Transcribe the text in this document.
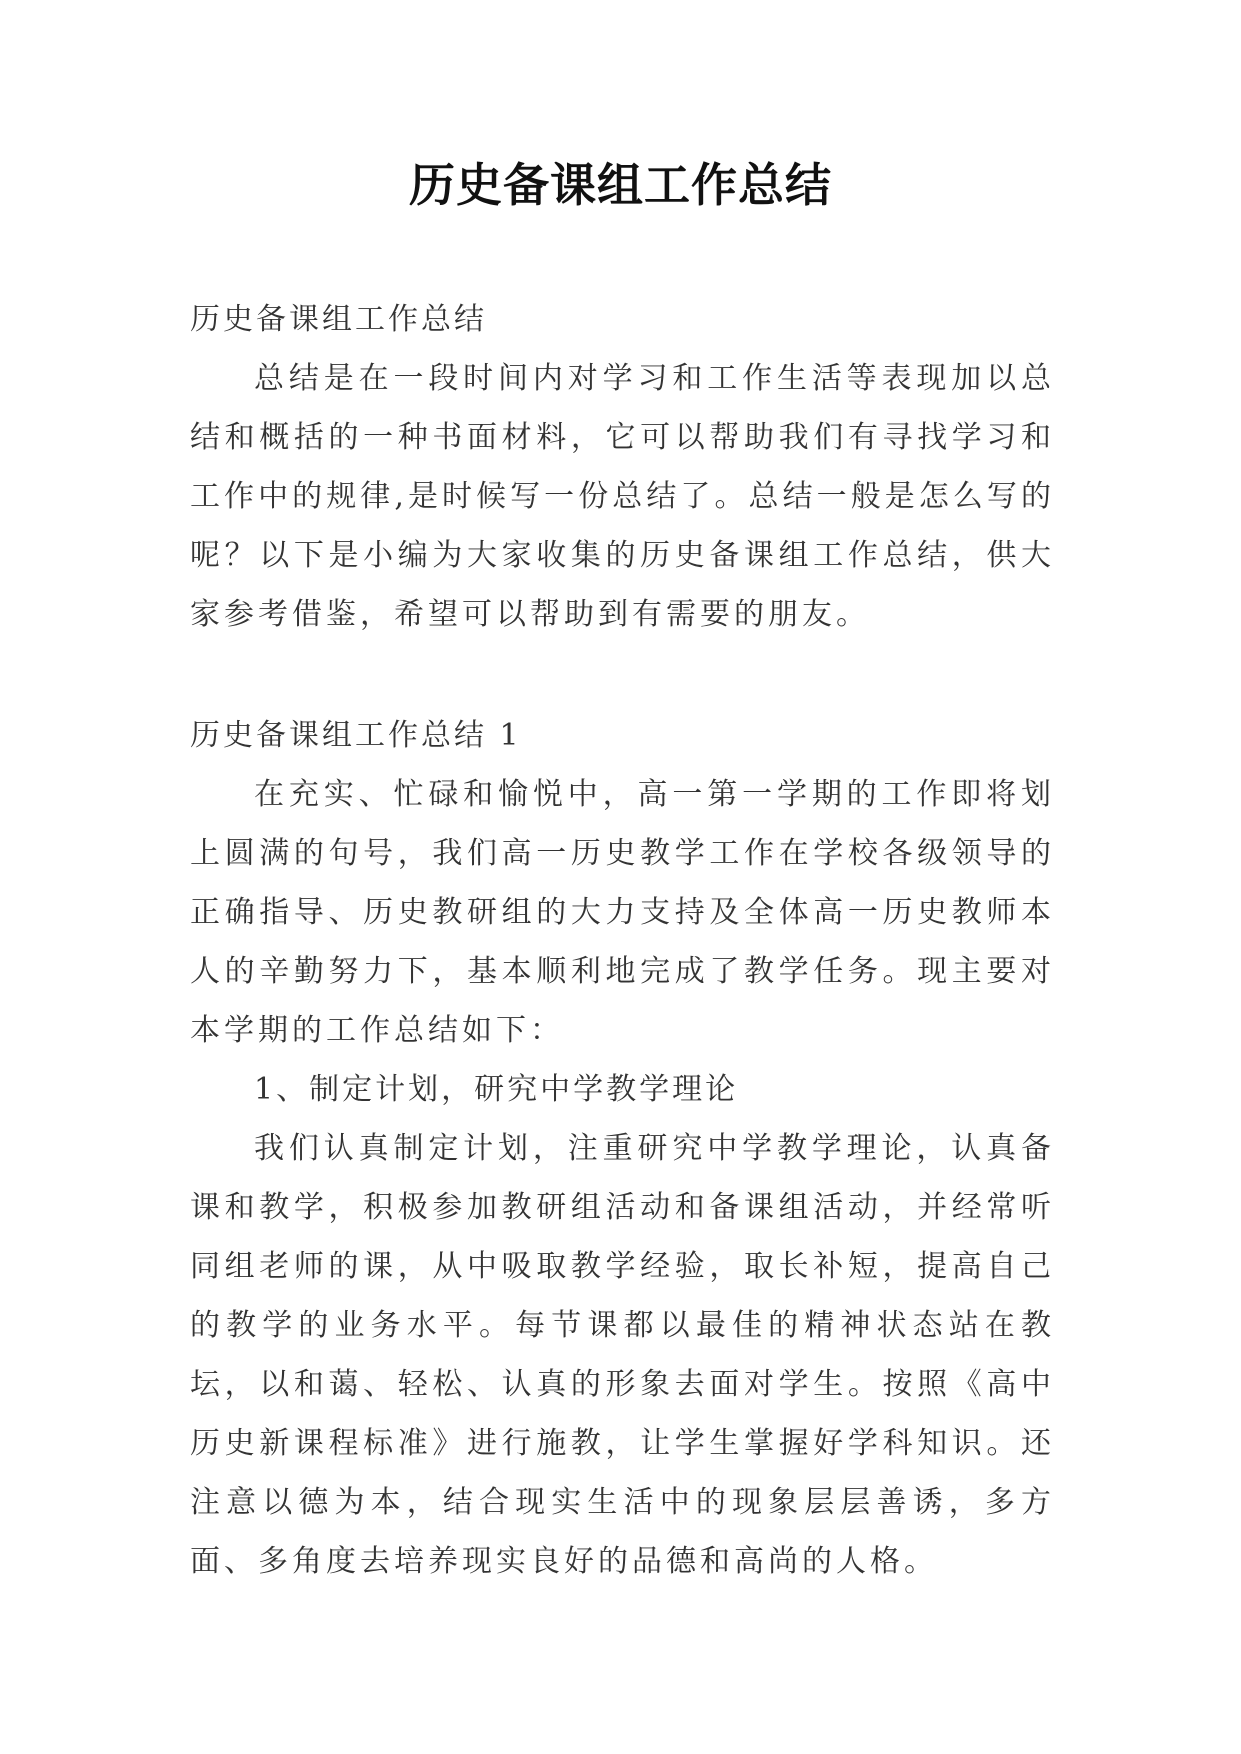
历史备课组工作总结
历史备课组工作总结

总结是在一段时间内对学习和工作生活等表现加以总结和概括的一种书面材料，它可以帮助我们有寻找学习和工作中的规律,是时候写一份总结了。总结一般是怎么写的呢？以下是小编为大家收集的历史备课组工作总结，供大家参考借鉴，希望可以帮助到有需要的朋友。

历史备课组工作总结 1

在充实、忙碌和愉悦中，高一第一学期的工作即将划上圆满的句号，我们高一历史教学工作在学校各级领导的正确指导、历史教研组的大力支持及全体高一历史教师本人的辛勤努力下，基本顺利地完成了教学任务。现主要对本学期的工作总结如下：

1、制定计划，研究中学教学理论

我们认真制定计划，注重研究中学教学理论，认真备课和教学，积极参加教研组活动和备课组活动，并经常听同组老师的课，从中吸取教学经验，取长补短，提高自己的教学的业务水平。每节课都以最佳的精神状态站在教坛，以和蔼、轻松、认真的形象去面对学生。按照《高中历史新课程标准》进行施教，让学生掌握好学科知识。还注意以德为本，结合现实生活中的现象层层善诱，多方面、多角度去培养现实良好的品德和高尚的人格。
